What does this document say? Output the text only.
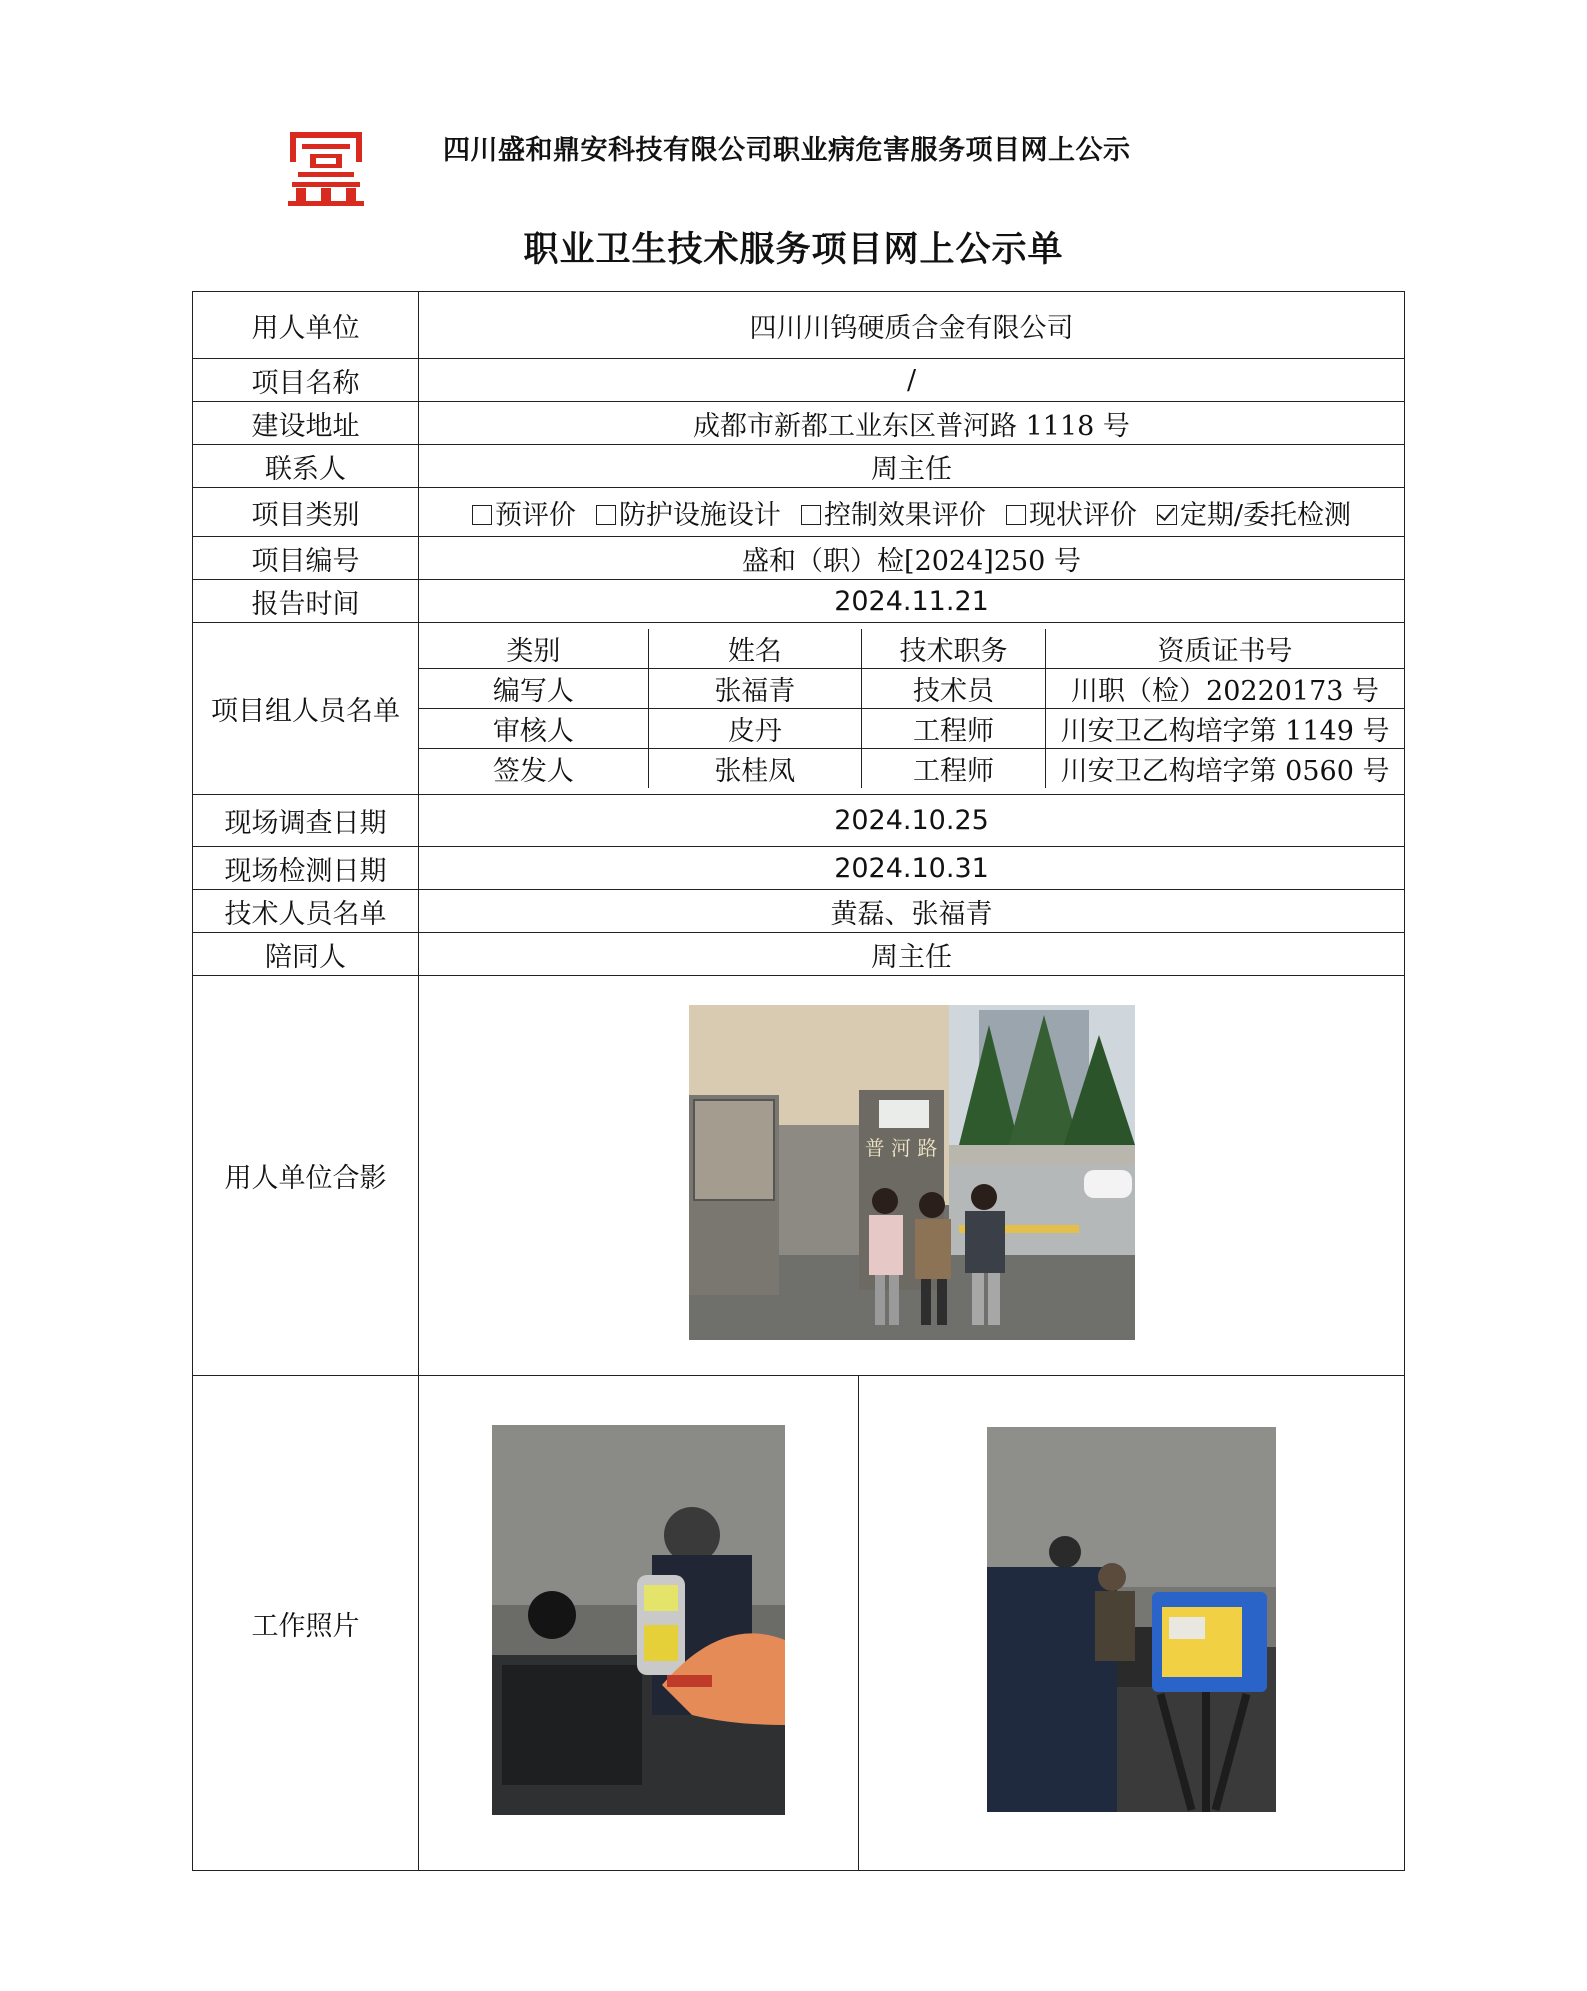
四川盛和鼎安科技有限公司职业病危害服务项目网上公示
职业卫生技术服务项目网上公示单
用人单位	四川川钨硬质合金有限公司
项目名称	/
建设地址	成都市新都工业东区普河路 1118 号
联系人	周主任
项目类别	预评价 防护设施设计 控制效果评价 现状评价 定期/委托检测
项目编号	盛和（职）检[2024]250 号
报告时间	2024.11.21
项目组人员名单	
类别	姓名	技术职务	资质证书号
编写人	张福青	技术员	川职（检）20220173 号
审核人	皮丹	工程师	川安卫乙构培字第 1149 号
签发人	张桂凤	工程师	川安卫乙构培字第 0560 号

现场调查日期	2024.10.25
现场检测日期	2024.10.31
技术人员名单	黄磊、张福青
陪同人	周主任
用人单位合影	
普 河 路

工作照片		
